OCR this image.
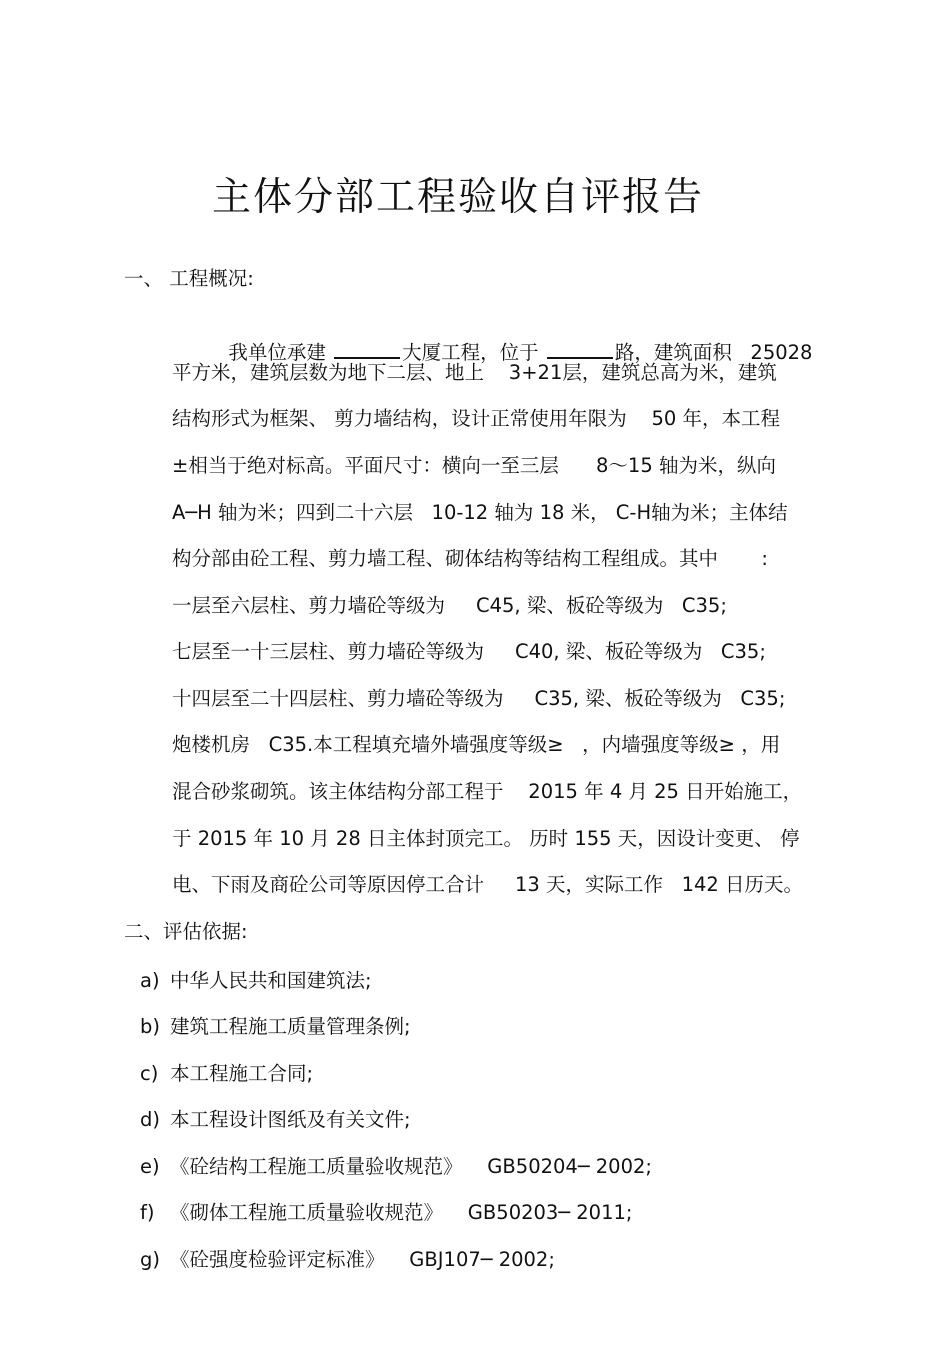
主体分部工程验收自评报告
一、 工程概况:

我单位承建	大厦工程，位于	路，建筑面积   25028

平方米，建筑层数为地下二层、地上    3+21层，建筑总高为米，建筑
结构形式为框架、 剪力墙结构，设计正常使用年限为    50 年，本工程
±相当于绝对标高。平面尺寸：横向一至三层      8～15 轴为米，纵向
A─H 轴为米；四到二十六层   10-12 轴为 18 米， C-H轴为米；主体结
构分部由砼工程、剪力墙工程、砌体结构等结构工程组成。其中       :
一层至六层柱、剪力墙砼等级为     C45, 梁、板砼等级为   C35;
七层至一十三层柱、剪力墙砼等级为     C40, 梁、板砼等级为   C35;
十四层至二十四层柱、剪力墙砼等级为     C35, 梁、板砼等级为   C35;
炮楼机房   C35.本工程填充墙外墙强度等级≥   ，内墙强度等级≥ ，用
混合砂浆砌筑。该主体结构分部工程于    2015 年 4 月 25 日开始施工，
于 2015 年 10 月 28 日主体封顶完工。 历时 155 天，因设计变更、 停
电、下雨及商砼公司等原因停工合计     13 天，实际工作   142 日历天。
二、评估依据:
a) 中华人民共和国建筑法;
b) 建筑工程施工质量管理条例;
c) 本工程施工合同;
d) 本工程设计图纸及有关文件;
e) 《砼结构工程施工质量验收规范》    GB50204─ 2002;
f) 《砌体工程施工质量验收规范》    GB50203─ 2011;
g) 《砼强度检验评定标准》    GBJ107─ 2002;
